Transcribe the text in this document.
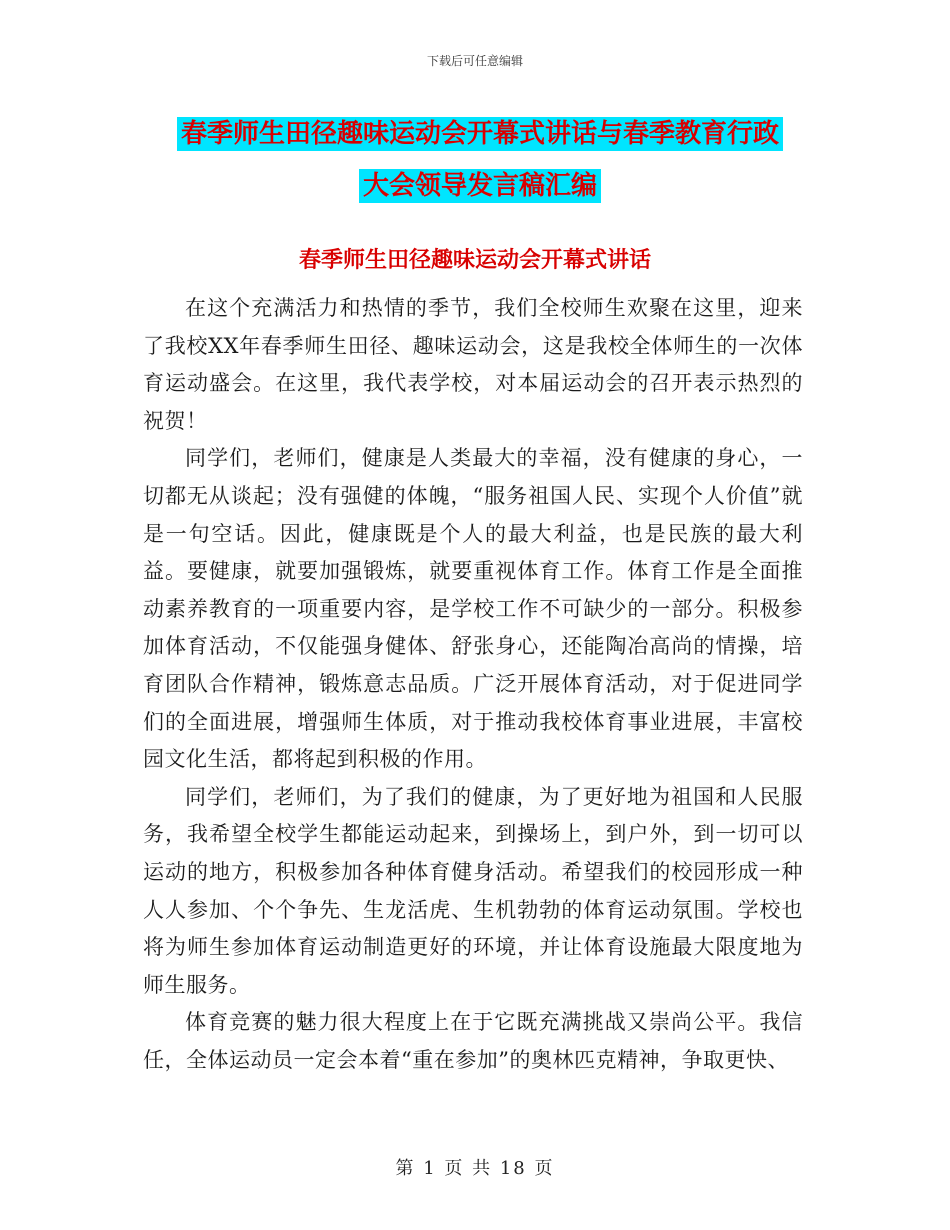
下载后可任意编辑
春季师生田径趣味运动会开幕式讲话与春季教育行政
大会领导发言稿汇编
春季师生田径趣味运动会开幕式讲话

在这个充满活力和热情的季节，我们全校师生欢聚在这里，迎来了我校XX年春季师生田径、趣味运动会，这是我校全体师生的一次体育运动盛会。在这里，我代表学校，对本届运动会的召开表示热烈的祝贺！

同学们，老师们，健康是人类最大的幸福，没有健康的身心，一切都无从谈起；没有强健的体魄，“服务祖国人民、实现个人价值”就是一句空话。因此，健康既是个人的最大利益，也是民族的最大利益。要健康，就要加强锻炼，就要重视体育工作。体育工作是全面推动素养教育的一项重要内容，是学校工作不可缺少的一部分。积极参加体育活动，不仅能强身健体、舒张身心，还能陶冶高尚的情操，培育团队合作精神，锻炼意志品质。广泛开展体育活动，对于促进同学们的全面进展，增强师生体质，对于推动我校体育事业进展，丰富校园文化生活，都将起到积极的作用。

同学们，老师们，为了我们的健康，为了更好地为祖国和人民服务，我希望全校学生都能运动起来，到操场上，到户外，到一切可以运动的地方，积极参加各种体育健身活动。希望我们的校园形成一种人人参加、个个争先、生龙活虎、生机勃勃的体育运动氛围。学校也将为师生参加体育运动制造更好的环境，并让体育设施最大限度地为师生服务。

体育竞赛的魅力很大程度上在于它既充满挑战又崇尚公平。我信任，全体运动员一定会本着“重在参加”的奥林匹克精神，争取更快、

第 1 页 共 18 页
